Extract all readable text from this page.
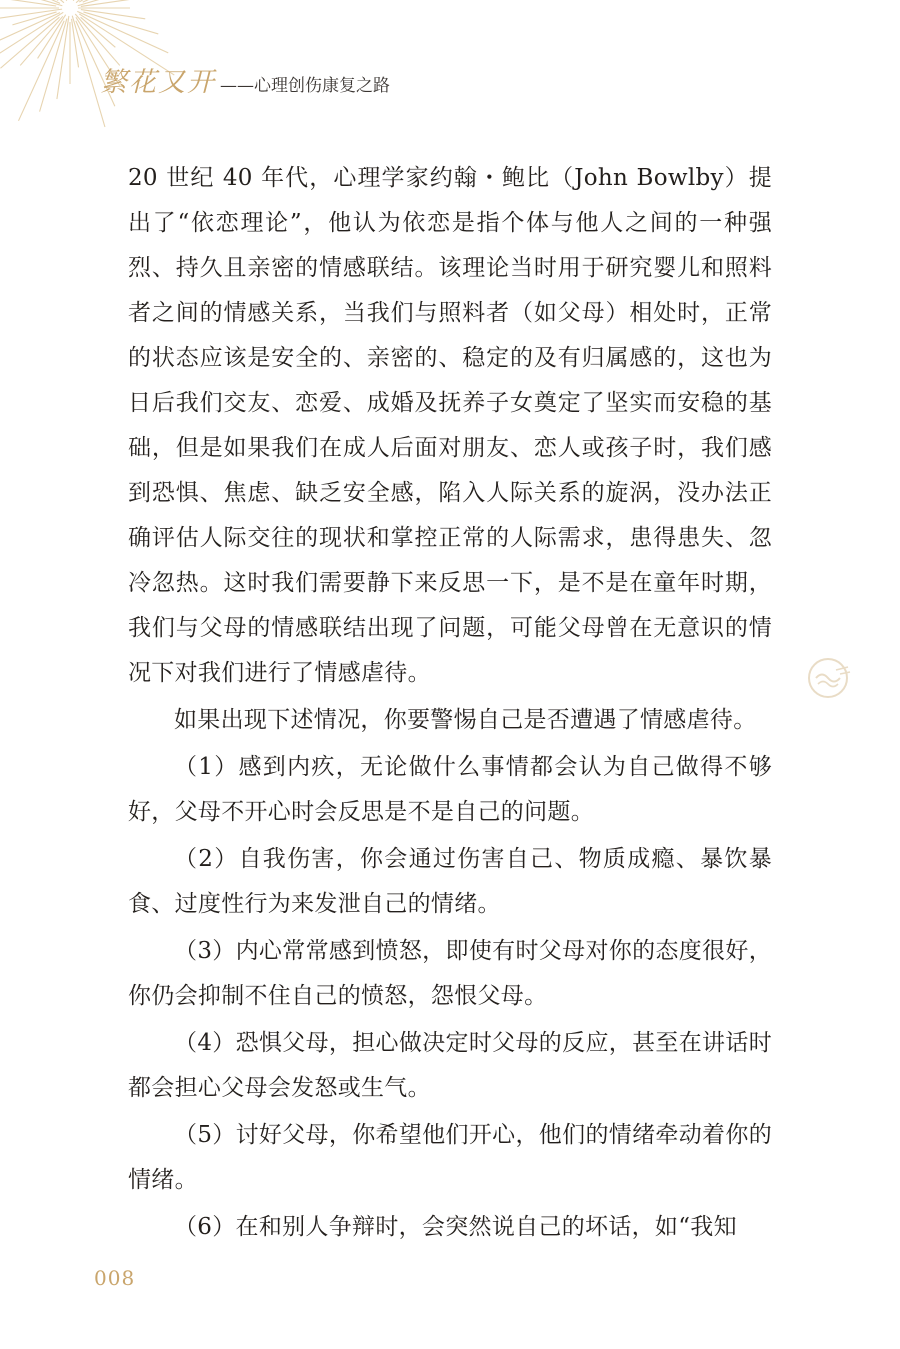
繁花又开 ——心理创伤康复之路

20 世纪 40 年代，心理学家约翰・鲍比（John Bowlby）提出了“依恋理论”，他认为依恋是指个体与他人之间的一种强烈、持久且亲密的情感联结。该理论当时用于研究婴儿和照料者之间的情感关系，当我们与照料者（如父母）相处时，正常的状态应该是安全的、亲密的、稳定的及有归属感的，这也为日后我们交友、恋爱、成婚及抚养子女奠定了坚实而安稳的基础，但是如果我们在成人后面对朋友、恋人或孩子时，我们感到恐惧、焦虑、缺乏安全感，陷入人际关系的旋涡，没办法正确评估人际交往的现状和掌控正常的人际需求，患得患失、忽冷忽热。这时我们需要静下来反思一下，是不是在童年时期，我们与父母的情感联结出现了问题，可能父母曾在无意识的情况下对我们进行了情感虐待。

如果出现下述情况，你要警惕自己是否遭遇了情感虐待。

（1）感到内疚，无论做什么事情都会认为自己做得不够好，父母不开心时会反思是不是自己的问题。

（2）自我伤害，你会通过伤害自己、物质成瘾、暴饮暴食、过度性行为来发泄自己的情绪。

（3）内心常常感到愤怒，即使有时父母对你的态度很好，你仍会抑制不住自己的愤怒，怨恨父母。

（4）恐惧父母，担心做决定时父母的反应，甚至在讲话时都会担心父母会发怒或生气。

（5）讨好父母，你希望他们开心，他们的情绪牵动着你的情绪。

（6）在和别人争辩时，会突然说自己的坏话，如“我知

008
